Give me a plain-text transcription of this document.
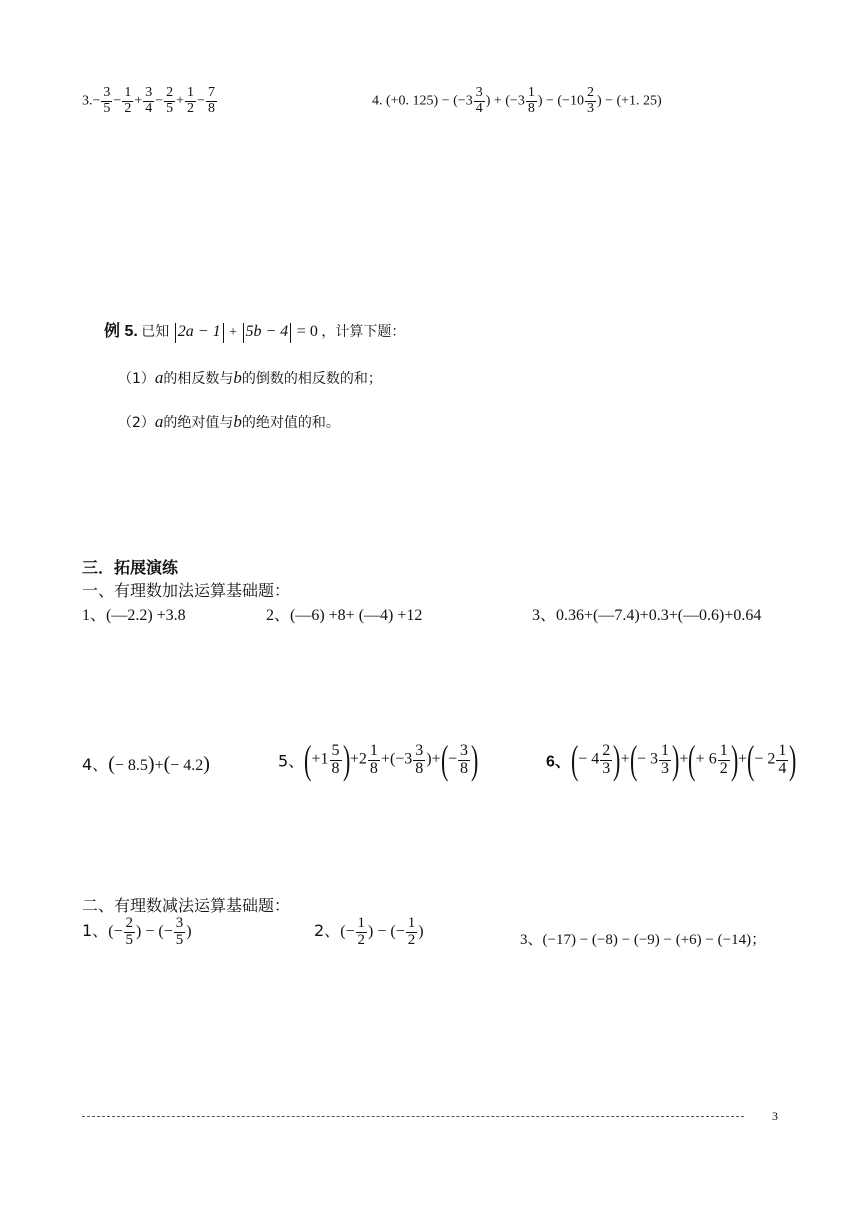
$3.- \frac{3}{5} - \frac{1}{2} + \frac{3}{4} - \frac{2}{5} + \frac{1}{2} - \frac{7}{8}$	4. (+0. $125) - (-3 \frac{3}{4}$ ) + ($-3 \frac{1}{8}$ ) − ($-10 \frac{2}{3}$ ) − (+1. 25)
例 5. 已知 2a − 1 + 5b − 4 = 0 ，计算下题：
（1）a的相反数与b的倒数的相反数的和；
（2）a的绝对值与b的绝对值的和。
三．拓展演练
一、有理数加法运算基础题：
1、(—2.2) +3.8	2、(—6) +8+ (—4) +12	3、0.36+(—7.4)+0.3+(—0.6)+0.64
4、(− 8.5)+(− 4.2)	5、$(+1 \frac{5}{8} )+2 \frac{1}{8} +(-3 \frac{3}{8}$ )+(− $\frac{3}{8}$ )	6、(− $4 \frac{2}{3}$ )+(− $3 \frac{1}{3}$ )+(+ $6 \frac{1}{2}$ )+(− $2 \frac{1}{4}$ )
二、有理数减法运算基础题：
1、(− $\frac{2}{5}$ ) − (− $\frac{3}{5}$ )	2、(− $\frac{1}{2}$ ) − (− $\frac{1}{2}$ )
3、(−17) − (−8) − (−9) − (+6) − (−14)；
3
